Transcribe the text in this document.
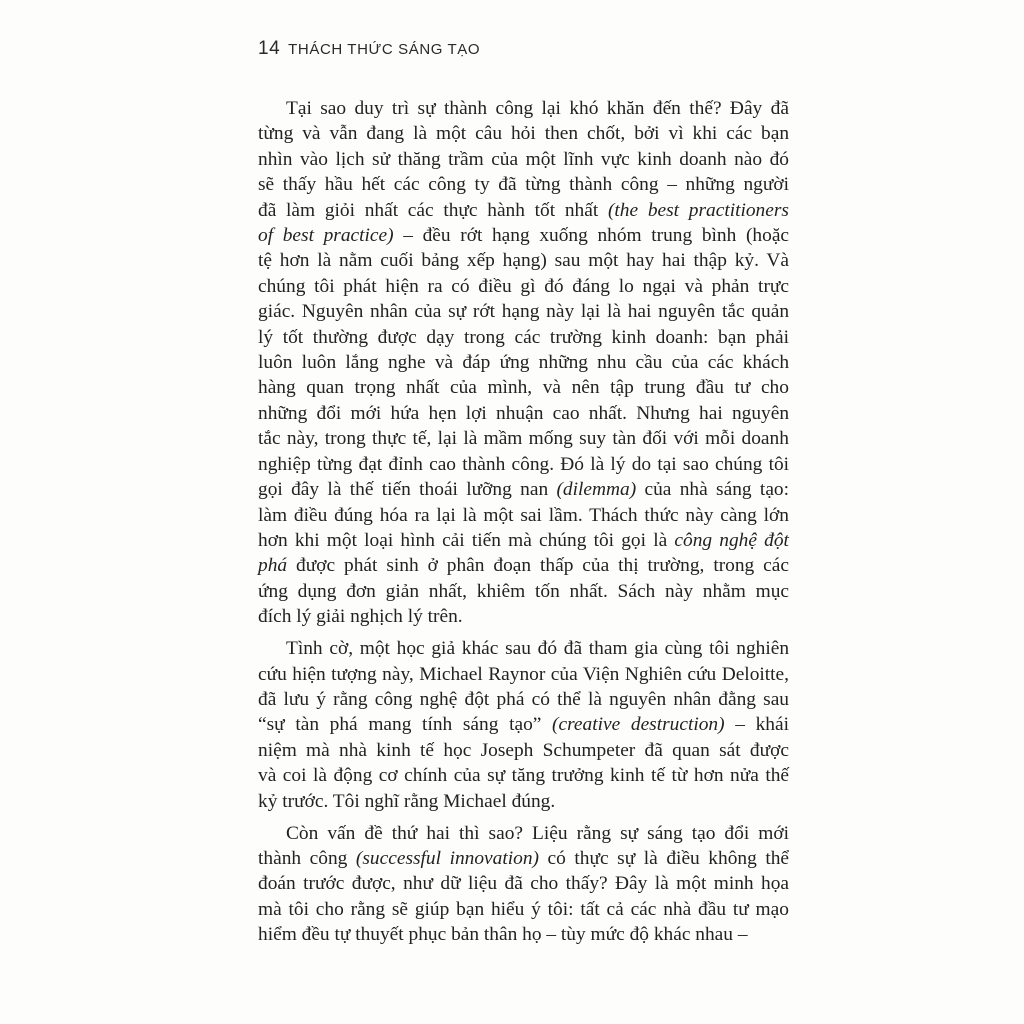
14 THÁCH THỨC SÁNG TẠO

Tại sao duy trì sự thành công lại khó khăn đến thế? Đây đã
từng và vẫn đang là một câu hỏi then chốt, bởi vì khi các bạn
nhìn vào lịch sử thăng trầm của một lĩnh vực kinh doanh nào đó
sẽ thấy hầu hết các công ty đã từng thành công – những người
đã làm giỏi nhất các thực hành tốt nhất (the best practitioners
of best practice) – đều rớt hạng xuống nhóm trung bình (hoặc
tệ hơn là nằm cuối bảng xếp hạng) sau một hay hai thập kỷ. Và
chúng tôi phát hiện ra có điều gì đó đáng lo ngại và phản trực
giác. Nguyên nhân của sự rớt hạng này lại là hai nguyên tắc quản
lý tốt thường được dạy trong các trường kinh doanh: bạn phải
luôn luôn lắng nghe và đáp ứng những nhu cầu của các khách
hàng quan trọng nhất của mình, và nên tập trung đầu tư cho
những đổi mới hứa hẹn lợi nhuận cao nhất. Nhưng hai nguyên
tắc này, trong thực tế, lại là mầm mống suy tàn đối với mỗi doanh
nghiệp từng đạt đỉnh cao thành công. Đó là lý do tại sao chúng tôi
gọi đây là thế tiến thoái lưỡng nan (dilemma) của nhà sáng tạo:
làm điều đúng hóa ra lại là một sai lầm. Thách thức này càng lớn
hơn khi một loại hình cải tiến mà chúng tôi gọi là công nghệ đột
phá được phát sinh ở phân đoạn thấp của thị trường, trong các
ứng dụng đơn giản nhất, khiêm tốn nhất. Sách này nhằm mục
đích lý giải nghịch lý trên.

Tình cờ, một học giả khác sau đó đã tham gia cùng tôi nghiên
cứu hiện tượng này, Michael Raynor của Viện Nghiên cứu Deloitte,
đã lưu ý rằng công nghệ đột phá có thể là nguyên nhân đằng sau
“sự tàn phá mang tính sáng tạo” (creative destruction) – khái
niệm mà nhà kinh tế học Joseph Schumpeter đã quan sát được
và coi là động cơ chính của sự tăng trưởng kinh tế từ hơn nửa thế
kỷ trước. Tôi nghĩ rằng Michael đúng.

Còn vấn đề thứ hai thì sao? Liệu rằng sự sáng tạo đổi mới
thành công (successful innovation) có thực sự là điều không thể
đoán trước được, như dữ liệu đã cho thấy? Đây là một minh họa
mà tôi cho rằng sẽ giúp bạn hiểu ý tôi: tất cả các nhà đầu tư mạo
hiểm đều tự thuyết phục bản thân họ – tùy mức độ khác nhau –
